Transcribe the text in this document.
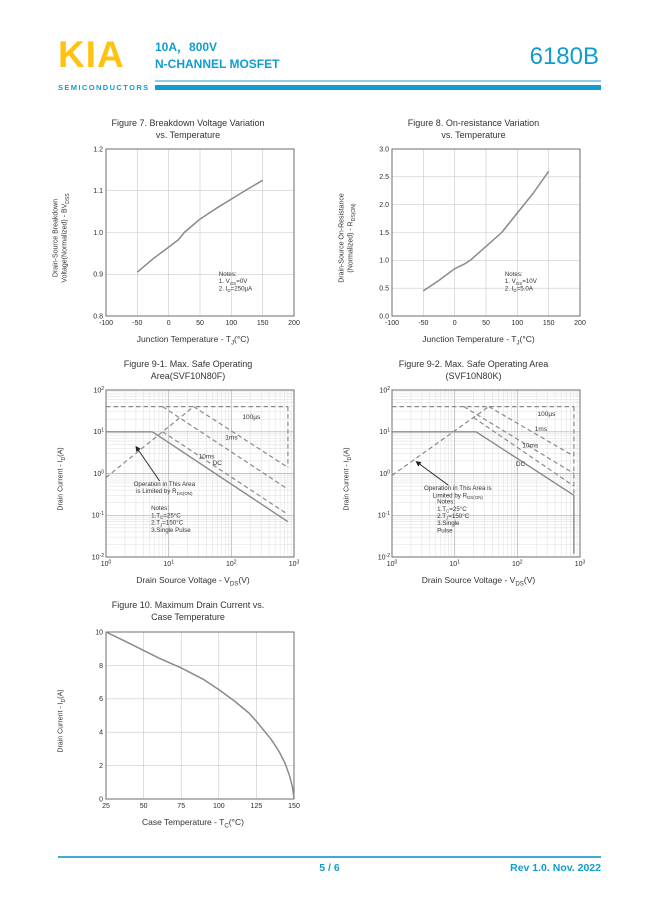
KIA
SEMICONDUCTORS
10A，800V
N-CHANNEL MOSFET	6180B
Figure 7. Breakdown Voltage Variation
vs. Temperature
Drain-Source Breakdown Voltage(Normalized) - $BV_{DSS}$
-100	-50	0	50	100	150	200
0.8
0.9
1.0
1.1
1.2
Notes:
1. $V_{GS}=0V$
2. $I_D=250\mu A$
Junction Temperature - $T_J(^\circ C)$
Figure 8. On-resistance Variation
vs. Temperature
Drain-Source On-Resistance (Normalized) - $R_{DS(ON)}$
-100	-50	0	50	100	150	200
0.0
0.5
1.0
1.5
2.0
2.5
3.0
Notes:
1. $V_{GS}=10V$
2. $I_D=5.0A$
Junction Temperature - $T_J(^\circ C)$
Figure 9-1. Max. Safe Operating
Area(SVF10N80F)
Drain Current - $I_D(A)$
$10^0$	$10^1$	$10^2$	$10^3$
$10^{-2}$
$10^{-1}$
$10^0$
$10^1$
$10^2$
100µs
1ms
10ms
DC
Notes:
$1.T_C=25^\circ C$
$2.T_J=150^\circ C$
3.Single Pulse
Operation in This Area
is Limited by $R_{DS(ON)}$
Drain Source Voltage - $V_{DS}(V)$
Figure 9-2. Max. Safe Operating Area
(SVF10N80K)
Drain Current - $I_D(A)$
$10^0$	$10^1$	$10^2$	$10^3$
$10^{-2}$
$10^{-1}$
$10^0$
$10^1$
$10^2$
100µs
1ms
10ms
DC
Notes:
$1.T_C=25^\circ C$
$2.T_J=150^\circ C$
3.Single
Pulse
Operation in This Area is
Limited by $R_{DS(ON)}$
Drain Source Voltage - $V_{DS}(V)$
Figure 10. Maximum Drain Current vs.
Case Temperature
Drain Current - $I_D(A)$
25	50	75	100	125	150
0
2
4
6
8
10
Case Temperature - $T_C(^\circ C)$
5 / 6	Rev 1.0. Nov. 2022
